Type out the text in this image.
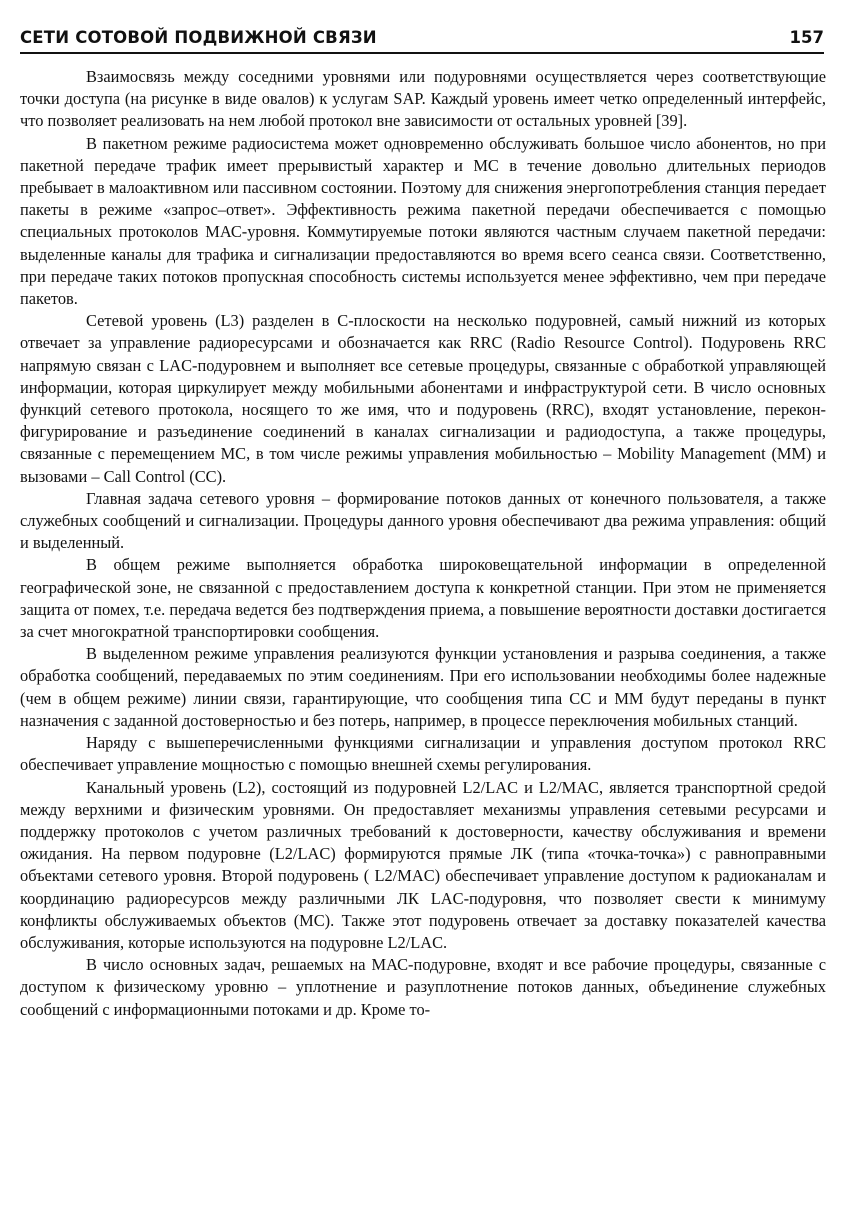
СЕТИ СОТОВОЙ ПОДВИЖНОЙ СВЯЗИ	157

Взаимосвязь между соседними уровнями или подуровнями осуществляется через соответствующие точки доступа (на рисунке в виде овалов) к услугам SAP. Каждый уровень имеет четко определенный интерфейс, что позволяет реализовать на нем любой протокол вне зависимости от остальных уровней [39].

В пакетном режиме радиосистема может одновременно обслуживать большое число абонентов, но при пакетной передаче трафик имеет прерывистый характер и МС в течение довольно длительных периодов пребывает в малоактивном или пассивном состоянии. Поэтому для снижения энергопотребления станция передает пакеты в режиме «запрос–ответ». Эффективность режима пакетной передачи обеспечивается с помощью специальных протоколов МАС-уровня. Коммутируемые потоки являются частным случаем пакетной передачи: выделенные каналы для трафика и сигнализации предоставляются во время всего сеанса связи. Соответственно, при передаче таких потоков пропускная способность системы используется менее эффективно, чем при передаче пакетов.

Сетевой уровень (L3) разделен в С-плоскости на несколько подуровней, самый нижний из которых отвечает за управление радиоресурсами и обозначается как RRC (Radio Resource Control). Подуровень RRC напрямую связан с LAC-подуровнем и выполняет все сетевые процедуры, связанные с обработкой управляющей информации, которая циркулирует между мобильными абонентами и инфраструктурой сети. В число основных функций сетевого протокола, носящего то же имя, что и подуровень (RRC), входят установление, переконфигурирование и разъединение соединений в каналах сигнализации и радиодоступа, а также процедуры, связанные с перемещением МС, в том числе режимы управления мобильностью – Mobility Management (ММ) и вызовами – Call Control (СС).

Главная задача сетевого уровня – формирование потоков данных от конечного пользователя, а также служебных сообщений и сигнализации. Процедуры данного уровня обеспечивают два режима управления: общий и выделенный.

В общем режиме выполняется обработка широковещательной информации в определенной географической зоне, не связанной с предоставлением доступа к конкретной станции. При этом не применяется защита от помех, т.е. передача ведется без подтверждения приема, а повышение вероятности доставки достигается за счет многократной транспортировки сообщения.

В выделенном режиме управления реализуются функции установления и разрыва соединения, а также обработка сообщений, передаваемых по этим соединениям. При его использовании необходимы более надежные (чем в общем режиме) линии связи, гарантирующие, что сообщения типа СС и ММ будут переданы в пункт назначения с заданной достоверностью и без потерь, например, в процессе переключения мобильных станций.

Наряду с вышеперечисленными функциями сигнализации и управления доступом протокол RRC обеспечивает управление мощностью с помощью внешней схемы регулирования.

Канальный уровень (L2), состоящий из подуровней L2/LAC и L2/MAC, является транспортной средой между верхними и физическим уровнями. Он предоставляет механизмы управления сетевыми ресурсами и поддержку протоколов с учетом различных требований к достоверности, качеству обслуживания и времени ожидания. На первом подуровне (L2/LAC) формируются прямые ЛК (типа «точка-точка») с равноправными объектами сетевого уровня. Второй подуровень ( L2/MAC) обеспечивает управление доступом к радиоканалам и координацию радиоресурсов между различными ЛК LAC-подуровня, что позволяет свести к минимуму конфликты обслуживаемых объектов (МС). Также этот подуровень отвечает за доставку показателей качества обслуживания, которые используются на подуровне L2/LAC.

В число основных задач, решаемых на МАС-подуровне, входят и все рабочие процедуры, связанные с доступом к физическому уровню – уплотнение и разуплотнение потоков данных, объединение служебных сообщений с информационными потоками и др. Кроме то-
